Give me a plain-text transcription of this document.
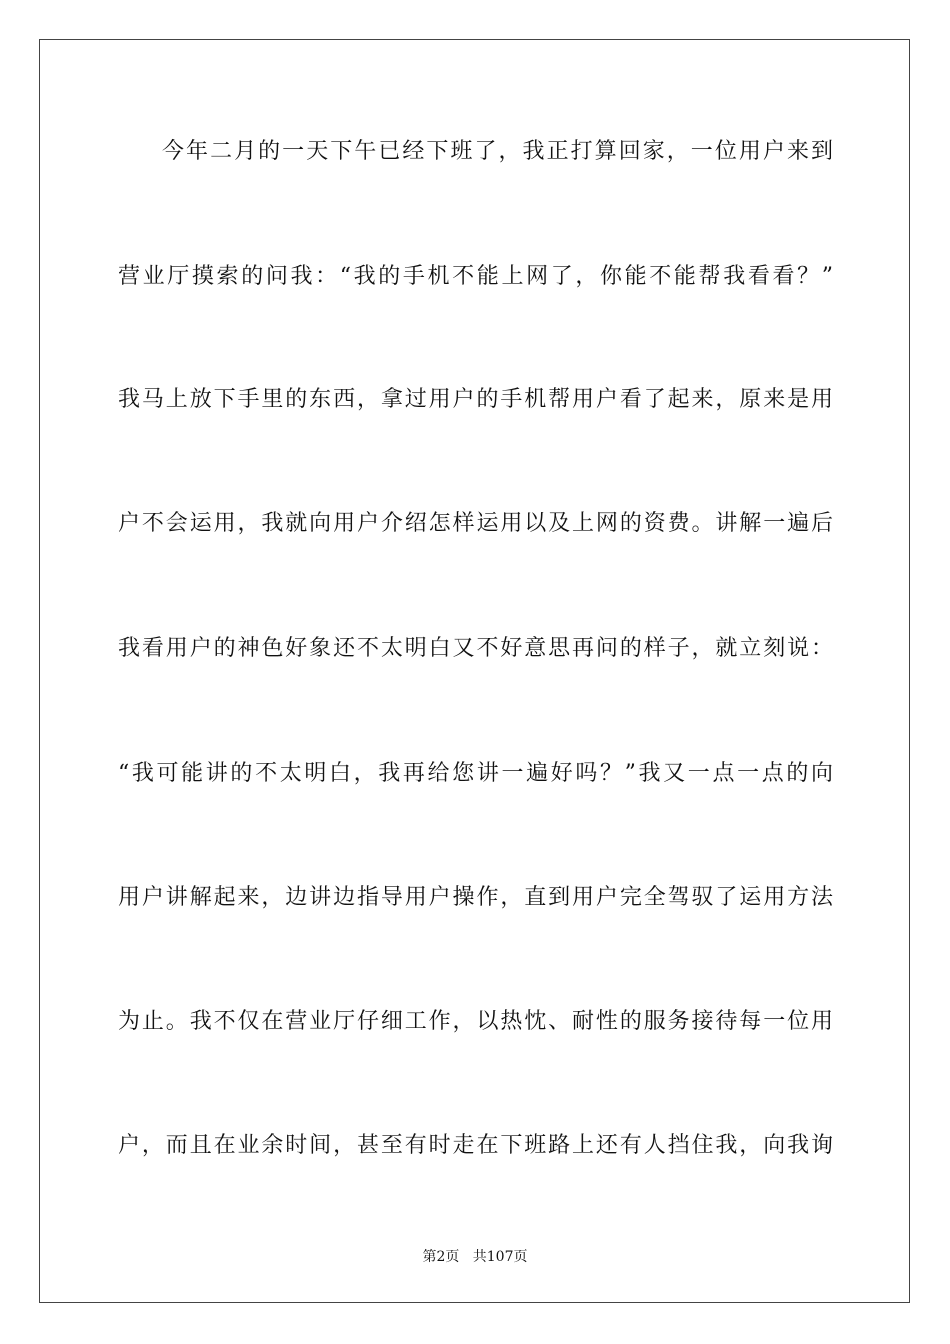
今年二月的一天下午已经下班了，我正打算回家，一位用户来到
营业厅摸索的问我：“我的手机不能上网了，你能不能帮我看看？”
我马上放下手里的东西，拿过用户的手机帮用户看了起来，原来是用
户不会运用，我就向用户介绍怎样运用以及上网的资费。讲解一遍后
我看用户的神色好象还不太明白又不好意思再问的样子，就立刻说：
“我可能讲的不太明白，我再给您讲一遍好吗？”我又一点一点的向
用户讲解起来，边讲边指导用户操作，直到用户完全驾驭了运用方法
为止。我不仅在营业厅仔细工作，以热忱、耐性的服务接待每一位用
户，而且在业余时间，甚至有时走在下班路上还有人挡住我，向我询
第2页 共107页
